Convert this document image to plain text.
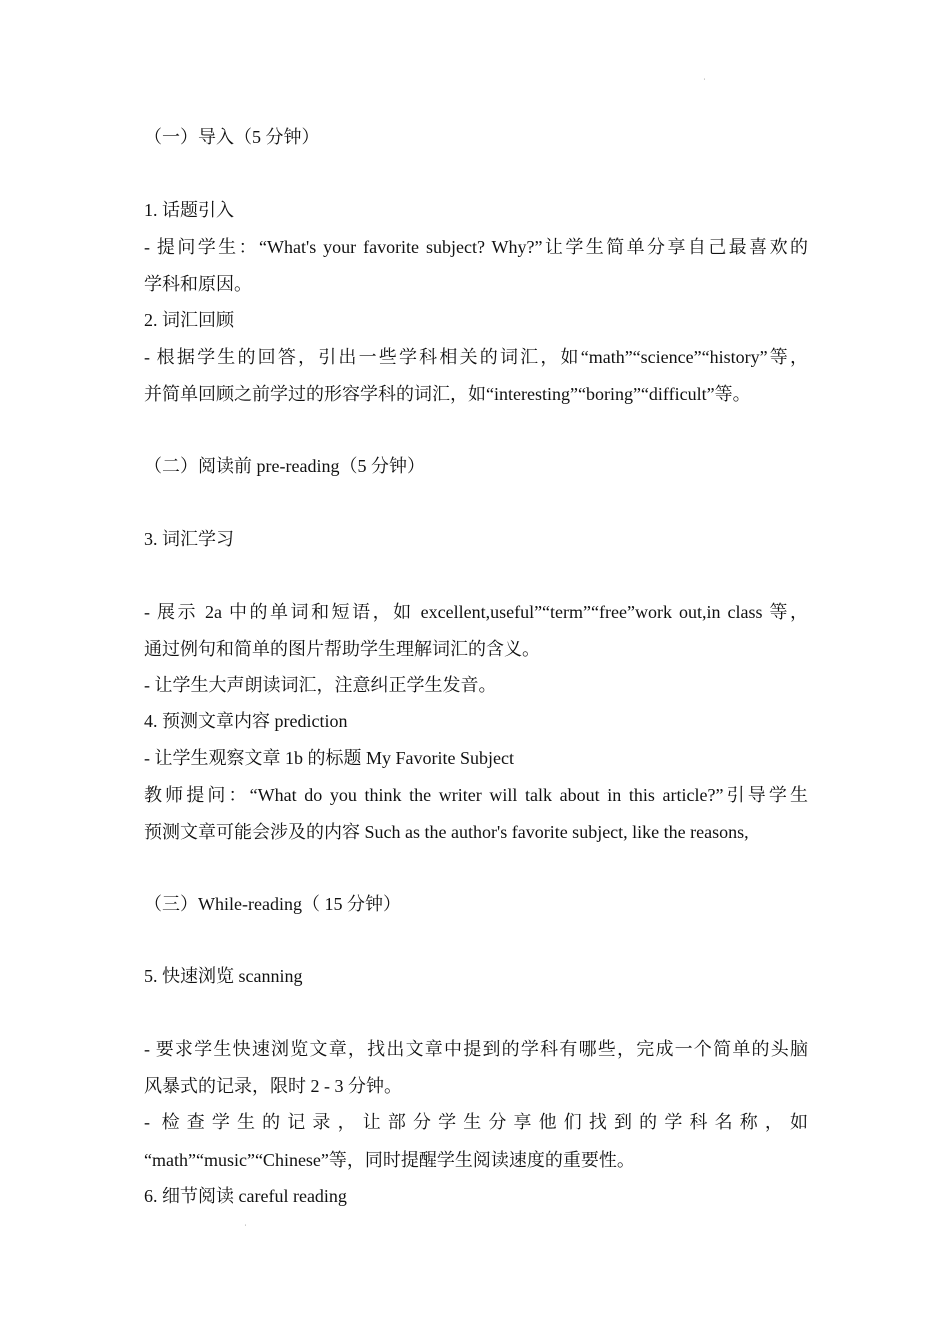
˙
（一）导入（5 分钟）
1. 话题引入
- 提问学生：“What's your favorite subject? Why?”让学生简单分享自己最喜欢的
学科和原因。
2. 词汇回顾
- 根据学生的回答，引出一些学科相关的词汇，如“math”“science”“history”等，
并简单回顾之前学过的形容学科的词汇，如“interesting”“boring”“difficult”等。
（二）阅读前 pre-reading（5 分钟）
3. 词汇学习
- 展示 2a 中的单词和短语，如 excellent,useful”“term”“free”work out,in class 等，
通过例句和简单的图片帮助学生理解词汇的含义。
- 让学生大声朗读词汇，注意纠正学生发音。
4. 预测文章内容 prediction
- 让学生观察文章 1b 的标题 My Favorite Subject
教师提问：“What do you think the writer will talk about in this article?”引导学生
预测文章可能会涉及的内容 Such as the author's favorite subject, like the reasons,
（三）While-reading（ 15 分钟）
5. 快速浏览 scanning
- 要求学生快速浏览文章，找出文章中提到的学科有哪些，完成一个简单的头脑
风暴式的记录，限时 2 - 3 分钟。
- 检查学生的记录，让部分学生分享他们找到的学科名称，如
“math”“music”“Chinese”等，同时提醒学生阅读速度的重要性。
6. 细节阅读 careful reading
˙
